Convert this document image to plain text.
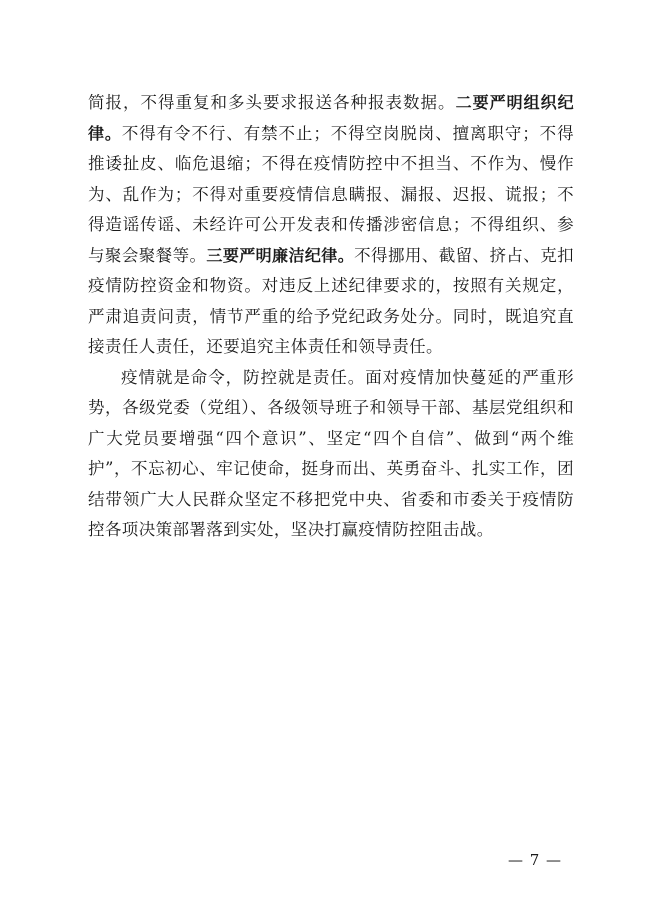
简报，不得重复和多头要求报送各种报表数据。二要严明组织纪律。不得有令不行、有禁不止；不得空岗脱岗、擅离职守；不得推诿扯皮、临危退缩；不得在疫情防控中不担当、不作为、慢作为、乱作为；不得对重要疫情信息瞒报、漏报、迟报、谎报；不得造谣传谣、未经许可公开发表和传播涉密信息；不得组织、参与聚会聚餐等。三要严明廉洁纪律。不得挪用、截留、挤占、克扣疫情防控资金和物资。对违反上述纪律要求的，按照有关规定，严肃追责问责，情节严重的给予党纪政务处分。同时，既追究直接责任人责任，还要追究主体责任和领导责任。

疫情就是命令，防控就是责任。面对疫情加快蔓延的严重形势，各级党委（党组）、各级领导班子和领导干部、基层党组织和广大党员要增强“四个意识”、坚定“四个自信”、做到“两个维护”，不忘初心、牢记使命，挺身而出、英勇奋斗、扎实工作，团结带领广大人民群众坚定不移把党中央、省委和市委关于疫情防控各项决策部署落到实处，坚决打赢疫情防控阻击战。

— 7 —
